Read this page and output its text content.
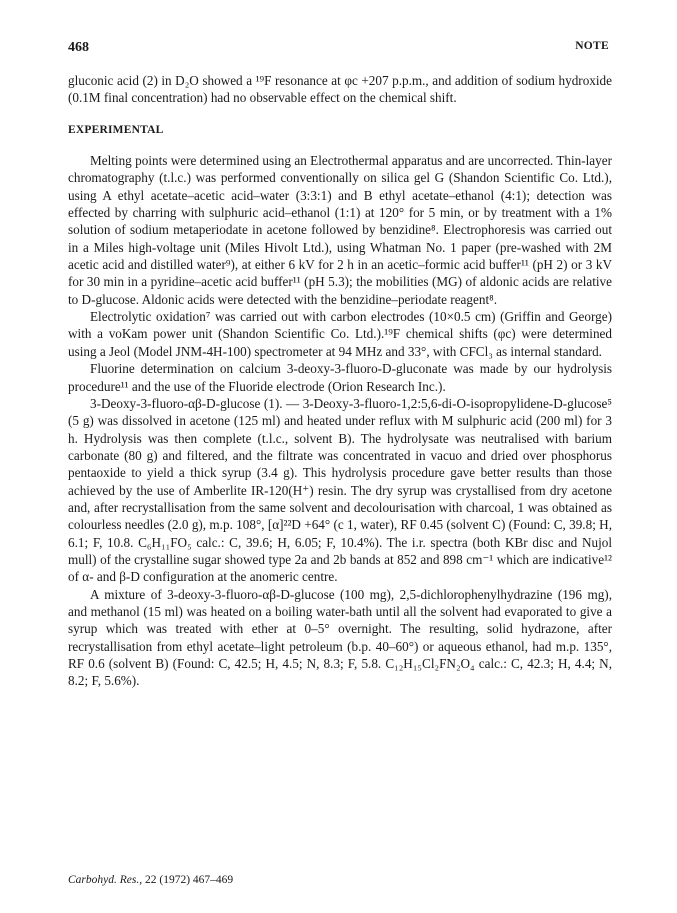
468	NOTE

gluconic acid (2) in D₂O showed a ¹⁹F resonance at φc +207 p.p.m., and addition of sodium hydroxide (0.1M final concentration) had no observable effect on the chemical shift.

EXPERIMENTAL

Melting points were determined using an Electrothermal apparatus and are uncorrected. Thin-layer chromatography (t.l.c.) was performed conventionally on silica gel G (Shandon Scientific Co. Ltd.), using A ethyl acetate–acetic acid–water (3:3:1) and B ethyl acetate–ethanol (4:1); detection was effected by charring with sulphuric acid–ethanol (1:1) at 120° for 5 min, or by treatment with a 1% solution of sodium metaperiodate in acetone followed by benzidine⁸. Electrophoresis was carried out in a Miles high-voltage unit (Miles Hivolt Ltd.), using Whatman No. 1 paper (pre-washed with 2M acetic acid and distilled water⁹), at either 6 kV for 2 h in an acetic–formic acid buffer¹¹ (pH 2) or 3 kV for 30 min in a pyridine–acetic acid buffer¹¹ (pH 5.3); the mobilities (MG) of aldonic acids are relative to D-glucose. Aldonic acids were detected with the benzidine–periodate reagent⁸.

Electrolytic oxidation⁷ was carried out with carbon electrodes (10×0.5 cm) (Griffin and George) with a voKam power unit (Shandon Scientific Co. Ltd.).¹⁹F chemical shifts (φc) were determined using a Jeol (Model JNM-4H-100) spectrometer at 94 MHz and 33°, with CFCl₃ as internal standard.

Fluorine determination on calcium 3-deoxy-3-fluoro-D-gluconate was made by our hydrolysis procedure¹¹ and the use of the Fluoride electrode (Orion Research Inc.).

3-Deoxy-3-fluoro-αβ-D-glucose (1). — 3-Deoxy-3-fluoro-1,2:5,6-di-O-isopropylidene-D-glucose⁵ (5 g) was dissolved in acetone (125 ml) and heated under reflux with M sulphuric acid (200 ml) for 3 h. Hydrolysis was then complete (t.l.c., solvent B). The hydrolysate was neutralised with barium carbonate (80 g) and filtered, and the filtrate was concentrated in vacuo and dried over phosphorus pentaoxide to yield a thick syrup (3.4 g). This hydrolysis procedure gave better results than those achieved by the use of Amberlite IR-120(H⁺) resin. The dry syrup was crystallised from dry acetone and, after recrystallisation from the same solvent and decolourisation with charcoal, 1 was obtained as colourless needles (2.0 g), m.p. 108°, [α]²²D +64° (c 1, water), RF 0.45 (solvent C) (Found: C, 39.8; H, 6.1; F, 10.8. C₆H₁₁FO₅ calc.: C, 39.6; H, 6.05; F, 10.4%). The i.r. spectra (both KBr disc and Nujol mull) of the crystalline sugar showed type 2a and 2b bands at 852 and 898 cm⁻¹ which are indicative¹² of α- and β-D configuration at the anomeric centre.

A mixture of 3-deoxy-3-fluoro-αβ-D-glucose (100 mg), 2,5-dichlorophenylhydrazine (196 mg), and methanol (15 ml) was heated on a boiling water-bath until all the solvent had evaporated to give a syrup which was treated with ether at 0–5° overnight. The resulting, solid hydrazone, after recrystallisation from ethyl acetate–light petroleum (b.p. 40–60°) or aqueous ethanol, had m.p. 135°, RF 0.6 (solvent B) (Found: C, 42.5; H, 4.5; N, 8.3; F, 5.8. C₁₂H₁₅Cl₂FN₂O₄ calc.: C, 42.3; H, 4.4; N, 8.2; F, 5.6%).

Carbohyd. Res., 22 (1972) 467–469
